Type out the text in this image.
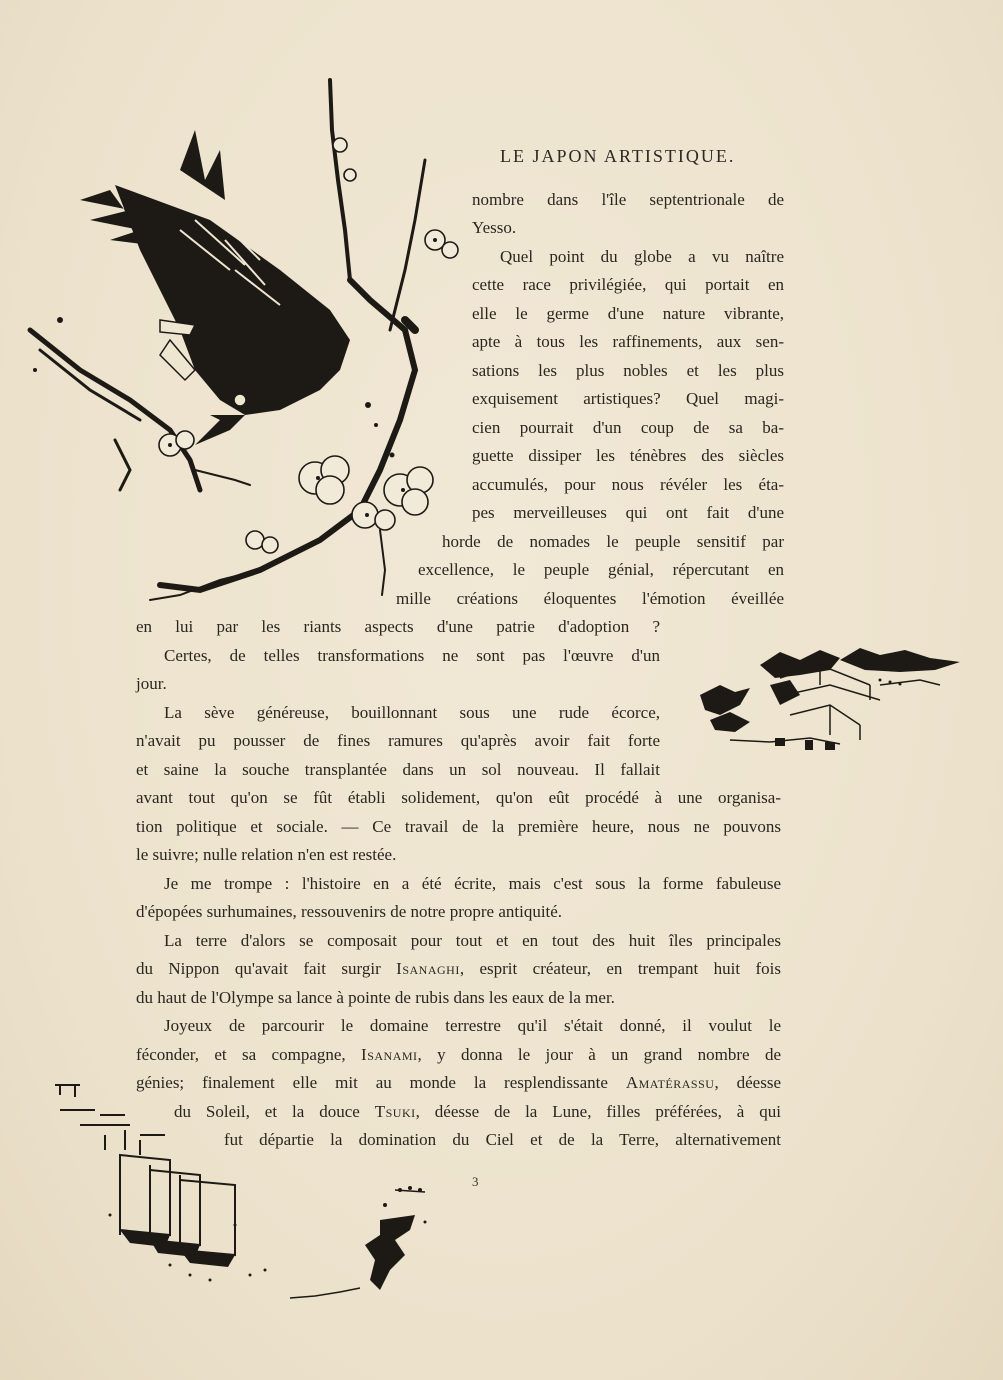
LE JAPON ARTISTIQUE.
nombre dans l'île septentrionale de
Yesso.
Quel point du globe a vu naître
cette race privilégiée, qui portait en
elle le germe d'une nature vibrante,
apte à tous les raffinements, aux sen-
sations les plus nobles et les plus
exquisement artistiques? Quel magi-
cien pourrait d'un coup de sa ba-
guette dissiper les ténèbres des siècles
accumulés, pour nous révéler les éta-
pes merveilleuses qui ont fait d'une
horde de nomades le peuple sensitif par
excellence, le peuple génial, répercutant en
mille créations éloquentes l'émotion éveillée
en lui par les riants aspects d'une patrie d'adoption ?
Certes, de telles transformations ne sont pas l'œuvre d'un
jour.
La sève généreuse, bouillonnant sous une rude écorce,
n'avait pu pousser de fines ramures qu'après avoir fait forte
et saine la souche transplantée dans un sol nouveau. Il fallait
avant tout qu'on se fût établi solidement, qu'on eût procédé à une organisa-
tion politique et sociale. — Ce travail de la première heure, nous ne pouvons
le suivre; nulle relation n'en est restée.
Je me trompe : l'histoire en a été écrite, mais c'est sous la forme fabuleuse
d'épopées surhumaines, ressouvenirs de notre propre antiquité.
La terre d'alors se composait pour tout et en tout des huit îles principales
du Nippon qu'avait fait surgir Isanaghi, esprit créateur, en trempant huit fois
du haut de l'Olympe sa lance à pointe de rubis dans les eaux de la mer.
Joyeux de parcourir le domaine terrestre qu'il s'était donné, il voulut le
féconder, et sa compagne, Isanami, y donna le jour à un grand nombre de
génies; finalement elle mit au monde la resplendissante Amatérassu, déesse
du Soleil, et la douce Tsuki, déesse de la Lune, filles préférées, à qui
fut départie la domination du Ciel et de la Terre, alternativement
3
